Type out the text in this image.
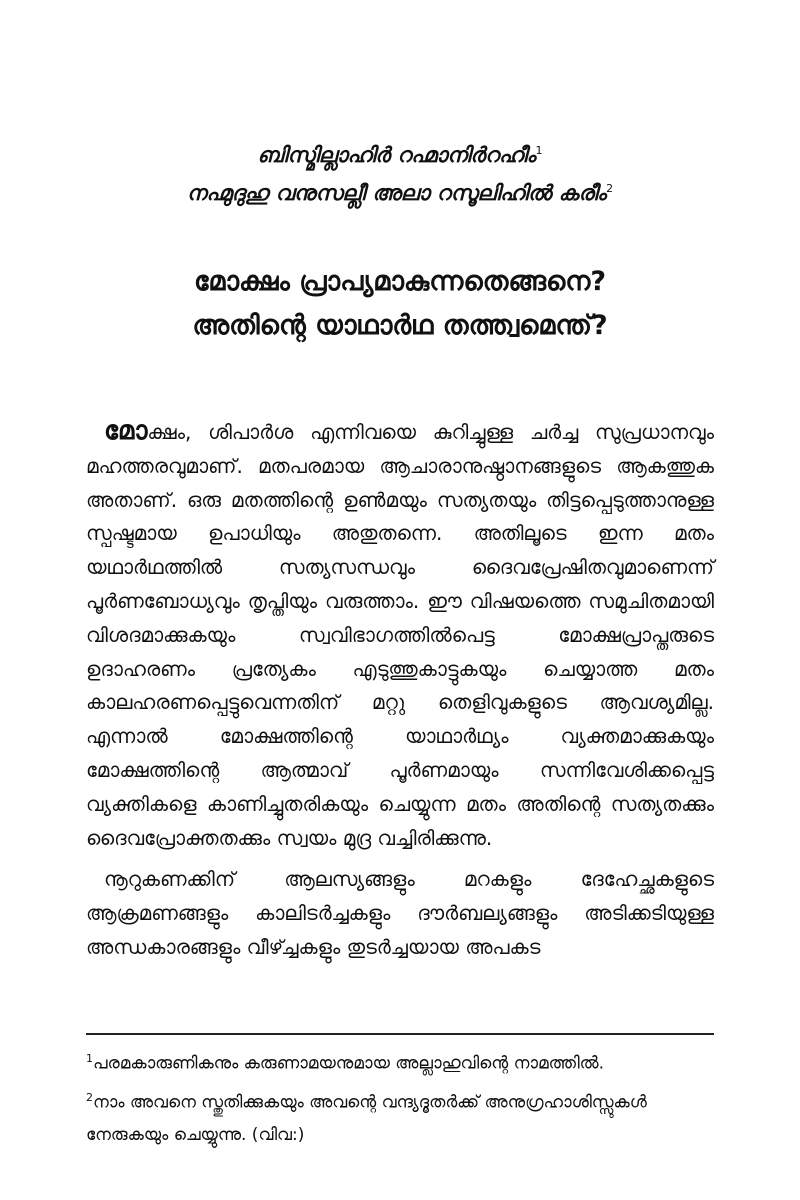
ബിസ്മില്ലാഹിർ റഹ്മാനിർറഹീം$^1$
നഹ്മുദുഹു വനുസല്ലീ അലാ റസൂലിഹിൽ കരീം$^2$
മോക്ഷം പ്രാപ്യമാകുന്നതെങ്ങനെ?
അതിന്റെ യാഥാർഥ തത്ത്വമെന്ത്?

മോക്ഷം, ശിപാർശ എന്നിവയെ കുറിച്ചുള്ള ചർച്ച സുപ്രധാനവും മഹത്തരവുമാണ്. മതപരമായ ആചാരാനുഷ്ഠാനങ്ങളുടെ ആകത്തുക അതാണ്. ഒരു മതത്തിന്റെ ഉൺമയും സത്യതയും തിട്ടപ്പെടുത്താനുള്ള സ്പഷ്ടമായ ഉപാധിയും അതുതന്നെ. അതിലൂടെ ഇന്ന മതം യഥാർഥത്തിൽ സത്യസന്ധവും ദൈവപ്രേഷിതവുമാണെന്ന് പൂർണബോധ്യവും തൃപ്തിയും വരുത്താം. ഈ വിഷയത്തെ സമുചിതമായി വിശദമാക്കുകയും സ്വവിഭാഗത്തിൽപെട്ട മോക്ഷപ്രാപ്തരുടെ ഉദാഹരണം പ്രത്യേകം എടുത്തുകാട്ടുകയും ചെയ്യാത്ത മതം കാലഹരണപ്പെട്ടുവെന്നതിന് മറ്റു തെളിവുകളുടെ ആവശ്യമില്ല. എന്നാൽ മോക്ഷത്തിന്റെ യാഥാർഥ്യം വ്യക്തമാക്കുകയും മോക്ഷത്തിന്റെ ആത്മാവ് പൂർണമായും സന്നിവേശിക്കപ്പെട്ട വ്യക്തികളെ കാണിച്ചുതരികയും ചെയ്യുന്ന മതം അതിന്റെ സത്യതക്കും ദൈവപ്രോക്തതക്കും സ്വയം മുദ്ര വച്ചിരിക്കുന്നു.

നൂറുകണക്കിന് ആലസ്യങ്ങളും മറകളും ദേഹേച്ഛകളുടെ ആക്രമണങ്ങളും കാലിടർച്ചകളും ദൗർബല്യങ്ങളും അടിക്കടിയുള്ള അന്ധകാരങ്ങളും വീഴ്ച്ചകളും തുടർച്ചയായ അപകട

$^1$പരമകാരുണികനും കരുണാമയനുമായ അല്ലാഹുവിന്റെ നാമത്തിൽ.

$^2$നാം അവനെ സ്തുതിക്കുകയും അവന്റെ വന്ദ്യദൂതർക്ക് അനുഗ്രഹാശിസ്സുകൾ നേരുകയും ചെയ്യുന്നു. (വിവ:)
